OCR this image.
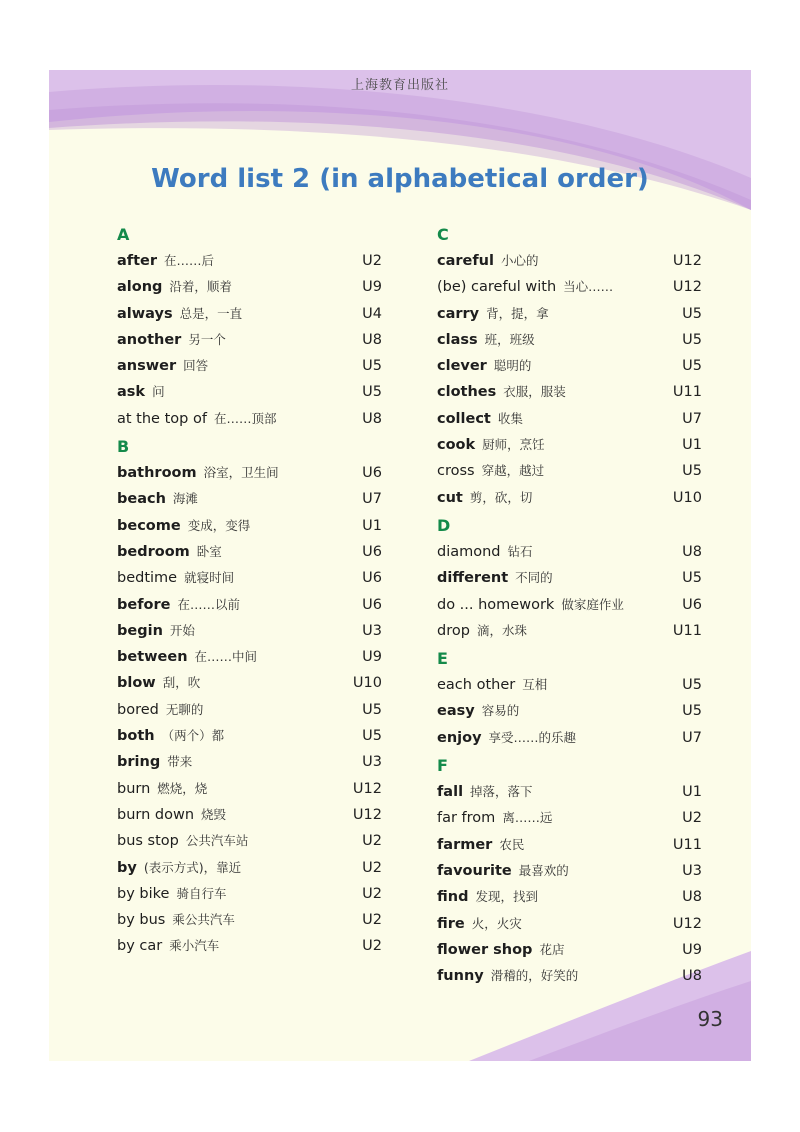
上海教育出版社
Word list 2 (in alphabetical order)
A
after 在……后	U2
along 沿着，顺着	U9
always 总是，一直	U4
another 另一个	U8
answer 回答	U5
ask 问	U5
at the top of 在……顶部	U8
B
bathroom 浴室，卫生间	U6
beach 海滩	U7
become 变成，变得	U1
bedroom 卧室	U6
bedtime 就寝时间	U6
before 在……以前	U6
begin 开始	U3
between 在……中间	U9
blow 刮，吹	U10
bored 无聊的	U5
both （两个）都	U5
bring 带来	U3
burn 燃烧，烧	U12
burn down 烧毁	U12
bus stop 公共汽车站	U2
by (表示方式)，靠近	U2
by bike 骑自行车	U2
by bus 乘公共汽车	U2
by car 乘小汽车	U2
C
careful 小心的	U12
(be) careful with 当心……	U12
carry 背，提，拿	U5
class 班，班级	U5
clever 聪明的	U5
clothes 衣服，服装	U11
collect 收集	U7
cook 厨师，烹饪	U1
cross 穿越，越过	U5
cut 剪，砍，切	U10
D
diamond 钻石	U8
different 不同的	U5
do ... homework 做家庭作业	U6
drop 滴，水珠	U11
E
each other 互相	U5
easy 容易的	U5
enjoy 享受……的乐趣	U7
F
fall 掉落，落下	U1
far from 离……远	U2
farmer 农民	U11
favourite 最喜欢的	U3
find 发现，找到	U8
fire 火，火灾	U12
flower shop 花店	U9
funny 滑稽的，好笑的	U8
93
